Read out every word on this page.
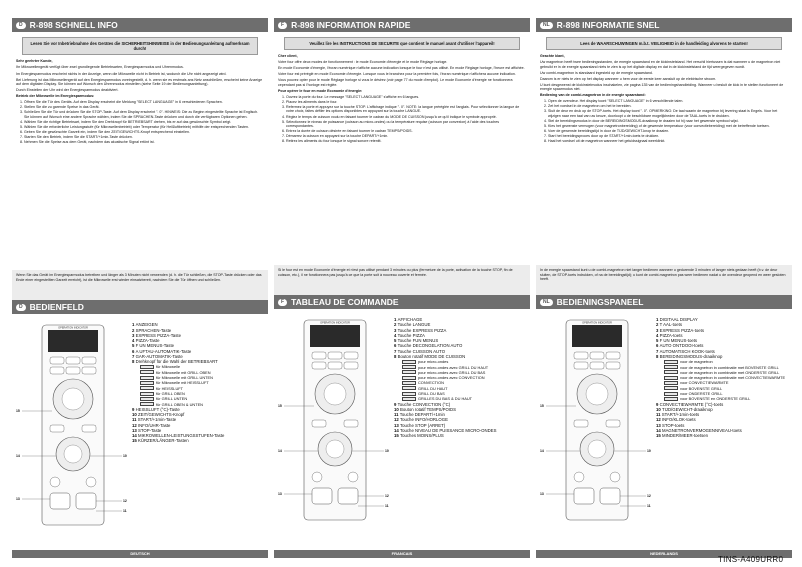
D R-898 SCHNELL INFO
Lesen Sie vor Inbetriebnahme des Gerätes die SICHERHEITSHINWEISE in der Bedienungsanleitung aufmerksam durch!

Sehr geehrter Kunde,

Ihr Mikrowellengerät verfügt über zwei grundlegende Betriebsarten, Energiesparmodus und Uhrenmodus.

Im Energiesparmodus erscheint nichts in der Anzeige, wenn die Mikrowelle nicht in Betrieb ist, wodurch die Uhr nicht angezeigt wird.

Bei Lieferung ist das Mikrowellengerät auf den Energiesparmodus voreingestellt, d. h. wenn sie es erstmals ans Netz anschließen, erscheint keine Anzeige auf dem digitalen Display. Sie können auf Wunsch den Uhrenmodus einstellen (siehe Seite 19 der Bedienungsanleitung).

Durch Einstellen der Uhr wird der Energiesparmodus deaktiviert.

Betrieb der Mikrowelle im Energiesparmodus:

1. Öffnen Sie die Tür des Geräts. Auf dem Display erscheint die Meldung "SELECT LANGUAGE" in 6 verschiedenen Sprachen.
2. Stellen Sie die zu garende Speise in das Gerät.
3. Schließen Sie die Tür und drücken Sie die STOP-Taste. Auf dem Display erscheint ". 0". HINWEIS: Die zu Beginn eingestellte Sprache ist Englisch. Sie können auf Wunsch eine andere Sprache wählen, indem Sie die SPRACHEN-Taste drücken und durch die verfügbaren Optionen gehen.
4. Wählen Sie die richtige Betriebsart, indem Sie den Drehknopf für BETRIEBSART drehen, bis er auf das gewünschte Symbol zeigt.
5. Wählen Sie die erforderliche Leistungsstufe (für Mikrowellenbetrieb) oder Temperatur (für Heißluftbetrieb) mithilfe der entsprechenden Tasten.
6. Geben Sie die gewünschte Garzeit ein, indem Sie den ZEIT/GEWICHTS-Knopf entsprechend einstellen.
7. Starten Sie den Betrieb, indem Sie die START/+1min-Taste drücken.
8. Nehmen Sie die Speise aus dem Gerät, nachdem das akustische Signal ertönt ist.
Wenn Sie das Gerät im Energiesparmodus betreiben und länger als 3 Minuten nicht verwenden (d. h. die Tür schließen, die STOP-Taste drücken oder das Ende einer eingestellten Garzeit erreicht), ist die Mikrowelle erst wieder einsatzbereit, nachdem Sie die Tür öffnen und schließen.
D BEDIENFELD
OPERATION INDICATOR
15
14
13
11
12
10
1 ANZEIGEN
2 SPRACHEN-Taste
3 EXPRESS PIZZA-Taste
4 PIZZA-Taste
5 F UN MENUS-Taste
6 A UFTAU-AUTOMATIK-Taste
7 GAR-AUTOMATIK-Taste
8 Drehknopf für die Wahl der BETRIEBSART
für Mikrowelle
für Mikrowelle mit GRILL OBEN
für Mikrowelle mit GRILL UNTEN
für Mikrowelle mit HEISSLUFT
für HEISSLUFT
für GRILL OBEN
für GRILL UNTEN
für GRILL OBEN & UNTEN
9 HEISSLUFT (°C)-Taste
10 ZEIT/GEWICHTS-Knopf
11 START/+1min-Taste
12 INFO/UHR-Taste
13 STOP-Taste
14 MIKROWELLEN-LEISTUNGSSTUFEN-Taste
15 KÜRZER/LÄNGER-Tasten
DEUTSCH
F R-898 INFORMATION RAPIDE
Veuillez lire les INSTRUCTIONS DE SECURITE que contient le manuel avant d'utiliser l'appareil!

Cher client,

Votre four offre deux modes de fonctionnement : le mode Economie d'énergie et le mode Réglage horloge.

En mode Economie d'énergie, l'écran numérique n'affiche aucune indication lorsque le four n'est pas utilisé. En mode Réglage horloge, l'heure est affichée.

Votre four est préréglé en mode Economie d'énergie. Lorsque vous le branchez pour la première fois, l'écran numérique n'affichera aucune indication.

Vous pouvez opter pour le mode Réglage horloge si vous le désirez (voir page 77 du mode d'emploi). Le mode Economie d'énergie ne fonctionnera cependant pas si l'horloge est réglée.

Pour opérer le four en mode Economie d'énergie:

1. Ouvrez la porte du four. Le message "SELECT LANGUAGE" s'affiche en 6 langues.
2. Placez les aliments dans le four.
3. Refermez la porte et appuyez sur la touche STOP. L'affichage indique ". 0". NOTE: la langue préréglée est l'anglais. Pour sélectionner la langue de votre choix, faites défiler les options disponibles en appuyant sur la touche LANGUE.
4. Réglez le temps de cuisson voulu en faisant tourner le cadran du MODE DE CUISSON jusqu'à ce qu'il indique le symbole approprié.
5. Sélectionnez le niveau de puissance (cuisson au micro-ondes) ou la température requise (cuisson par convexion) à l'aide des touches correspondantes.
6. Entrez la durée de cuisson désirée en faisant tourner le cadran TEMPS/POIDS.
7. Démarrez la cuisson en appuyant sur la touche DEPART/+1min.
8. Retirez les aliments du four lorsque le signal sonore retentit.
Si le four est en mode Economie d'énergie et n'est pas utilisé pendant 3 minutes ou plus (fermeture de la porte, activation de la touche STOP, fin de cuisson, etc.), il ne fonctionnera pas jusqu'à ce que la porte soit à nouveau ouverte et fermée.
F TABLEAU DE COMMANDE
OPERATION INDICATOR
15
14
13
11
12
10
1 AFFICHAGE
2 Touche LANGUE
3 Touche EXPRESS PIZZA
4 Touche PIZZA
5 Touche FUN MENUS
6 Touche DECONGELATION AUTO
7 Touche CUISSON AUTO
8 Bouton rotatif MODE DE CUISSON
pour micro-ondes
pour micro-ondes avec GRILL DU HAUT
pour micro-ondes avec GRILL DU BAS
pour micro-ondes avec CONVECTION
CONVECTION
GRILL DU HAUT
GRILL DU BAS
GRILLES DU BAS & DU HAUT
9 Touche CONVECTION (°C)
10 Bouton rotatif TEMPS/POIDS
11 Touche DEPART/+1min
12 Touche INFO/HORLOGE
13 Touche STOP (ARRET)
14 Touche NIVEAU DE PUISSANCE MICRO-ONDES
15 Touches MOINS/PLUS
FRANCAIS
NL R-898 INFORMATIE SNEL
Lees de WAARSCHUWINGEN m.b.t. VEILIGHEID in de handleiding alvorens te starten!

Geachte klant,

Uw magnetron heeft twee bedieningsstanden, de energie spaarstand en de klokinstelstand. Het verschil hiertussen is dat wanneer u de magnetron niet gebruikt er in de energie spaarstand niets te zien is op het digitale display en dat in de klokinstelstand de tijd weergegeven wordt.

Uw combi-magnetron is standaard ingesteld op de energie spaarstand.

Daarom is er niets te zien op het display wanneer u hem voor de eerste keer aansluit op de elektrische stroom.

U kunt desgewenst de klokinstelmodus inschakelen, zie pagina 135 van de bedieningshandleiding. Wanneer u besluit de klok in te stellen functioneert de energie spaarmodus niet.

Bediening van de combi-magnetron in de energie spaarstand:

1. Open de ovendeur. Het display toont "SELECT LANGUAGE" in 6 verschillende talen.
2. Zet het voedsel in de magnetron om het te bereiden.
3. Sluit de deur en druk op de STOP-toets. Het display toont ". 0". OPMERKING: De taal waarin de magnetron bij levering staat is Engels. Voor het wijzigen naar een taal van uw keuze, doorloopt u de beschikbare mogelijkheden door de TAAL-toets in te drukken.
4. Stel de bereidingsmodus in door de BEREIDINGSMODUS-draaiknop te draaien tot hij naar het gewenste symbool wijst.
5. Kies het gewenste vermogen (voor magnetronbereiding) of de gewenste temperatuur (voor convectiebereiding) met de betreffende toetsen.
6. Voer de gewenste bereidingstijd in door de TIJD/GEWICHT-knop te draaien.
7. Start het bereidingsproces door op de START/+1min-toets te drukken.
8. Haal het voedsel uit de magnetron wanneer het geluidssignaal weerklinkt.
In de energie spaarstand kunt u de combi-magnetron niet langer bedienen wanneer u gedurende 3 minuten of langer niets gedaan heeft (b.v. de deur sluiten, de STOP-toets indrukken, of na de bereidingstijd); u kunt de combi-magnetron pas weer bedienen nadat u de ovendeur geopend en weer gesloten heeft.
NL BEDIENINGSPANEEL
OPERATION INDICATOR
15
14
13
11
12
10
1 DIGITAAL DISPLAY
2 T AAL-toets
3 EXPRESS PIZZA-toets
4 PIZZA-toets
5 F UN MENUS-toets
6 AUTO ONTDOOI-toets
7 AUTOMATISCH KOOK-toets
8 BEREIDINGSMODUS-draaiknop
voor de magnetron
voor de magnetron in combinatie met BOVENSTE GRILL
voor de magnetron in combinatie met ONDERSTE GRILL
voor de magnetron in combinatie met CONVECTIEWARMTE
voor CONVECTIEWARMTE
voor BOVENSTE GRILL
voor ONDERSTE GRILL
voor BOVENSTE en ONDERSTE GRILL
9 CONVECTIEWARMTE (°C)-toets
10 TIJD/GEWICHT-draaiknop
11 START/+1min-toets
12 INFO/KLOK-toets
13 STOP-toets
14 MAGNETRONVERMOGENNIVEAU-toets
15 MINDER/MEER-toetsen
NEDERLANDS
TINS-A409URR0
